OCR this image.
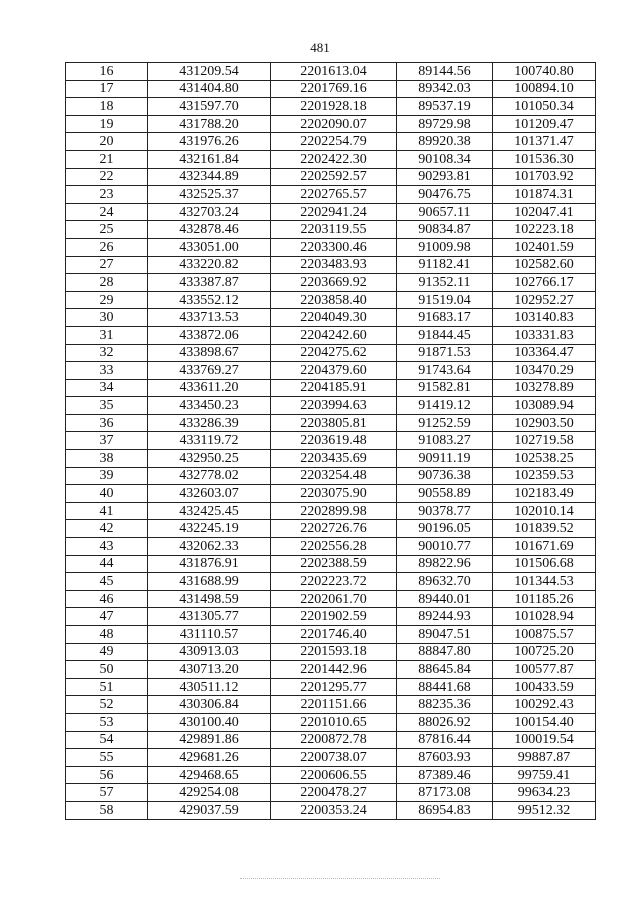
481
16	431209.54	2201613.04	89144.56	100740.80
17	431404.80	2201769.16	89342.03	100894.10
18	431597.70	2201928.18	89537.19	101050.34
19	431788.20	2202090.07	89729.98	101209.47
20	431976.26	2202254.79	89920.38	101371.47
21	432161.84	2202422.30	90108.34	101536.30
22	432344.89	2202592.57	90293.81	101703.92
23	432525.37	2202765.57	90476.75	101874.31
24	432703.24	2202941.24	90657.11	102047.41
25	432878.46	2203119.55	90834.87	102223.18
26	433051.00	2203300.46	91009.98	102401.59
27	433220.82	2203483.93	91182.41	102582.60
28	433387.87	2203669.92	91352.11	102766.17
29	433552.12	2203858.40	91519.04	102952.27
30	433713.53	2204049.30	91683.17	103140.83
31	433872.06	2204242.60	91844.45	103331.83
32	433898.67	2204275.62	91871.53	103364.47
33	433769.27	2204379.60	91743.64	103470.29
34	433611.20	2204185.91	91582.81	103278.89
35	433450.23	2203994.63	91419.12	103089.94
36	433286.39	2203805.81	91252.59	102903.50
37	433119.72	2203619.48	91083.27	102719.58
38	432950.25	2203435.69	90911.19	102538.25
39	432778.02	2203254.48	90736.38	102359.53
40	432603.07	2203075.90	90558.89	102183.49
41	432425.45	2202899.98	90378.77	102010.14
42	432245.19	2202726.76	90196.05	101839.52
43	432062.33	2202556.28	90010.77	101671.69
44	431876.91	2202388.59	89822.96	101506.68
45	431688.99	2202223.72	89632.70	101344.53
46	431498.59	2202061.70	89440.01	101185.26
47	431305.77	2201902.59	89244.93	101028.94
48	431110.57	2201746.40	89047.51	100875.57
49	430913.03	2201593.18	88847.80	100725.20
50	430713.20	2201442.96	88645.84	100577.87
51	430511.12	2201295.77	88441.68	100433.59
52	430306.84	2201151.66	88235.36	100292.43
53	430100.40	2201010.65	88026.92	100154.40
54	429891.86	2200872.78	87816.44	100019.54
55	429681.26	2200738.07	87603.93	99887.87
56	429468.65	2200606.55	87389.46	99759.41
57	429254.08	2200478.27	87173.08	99634.23
58	429037.59	2200353.24	86954.83	99512.32
